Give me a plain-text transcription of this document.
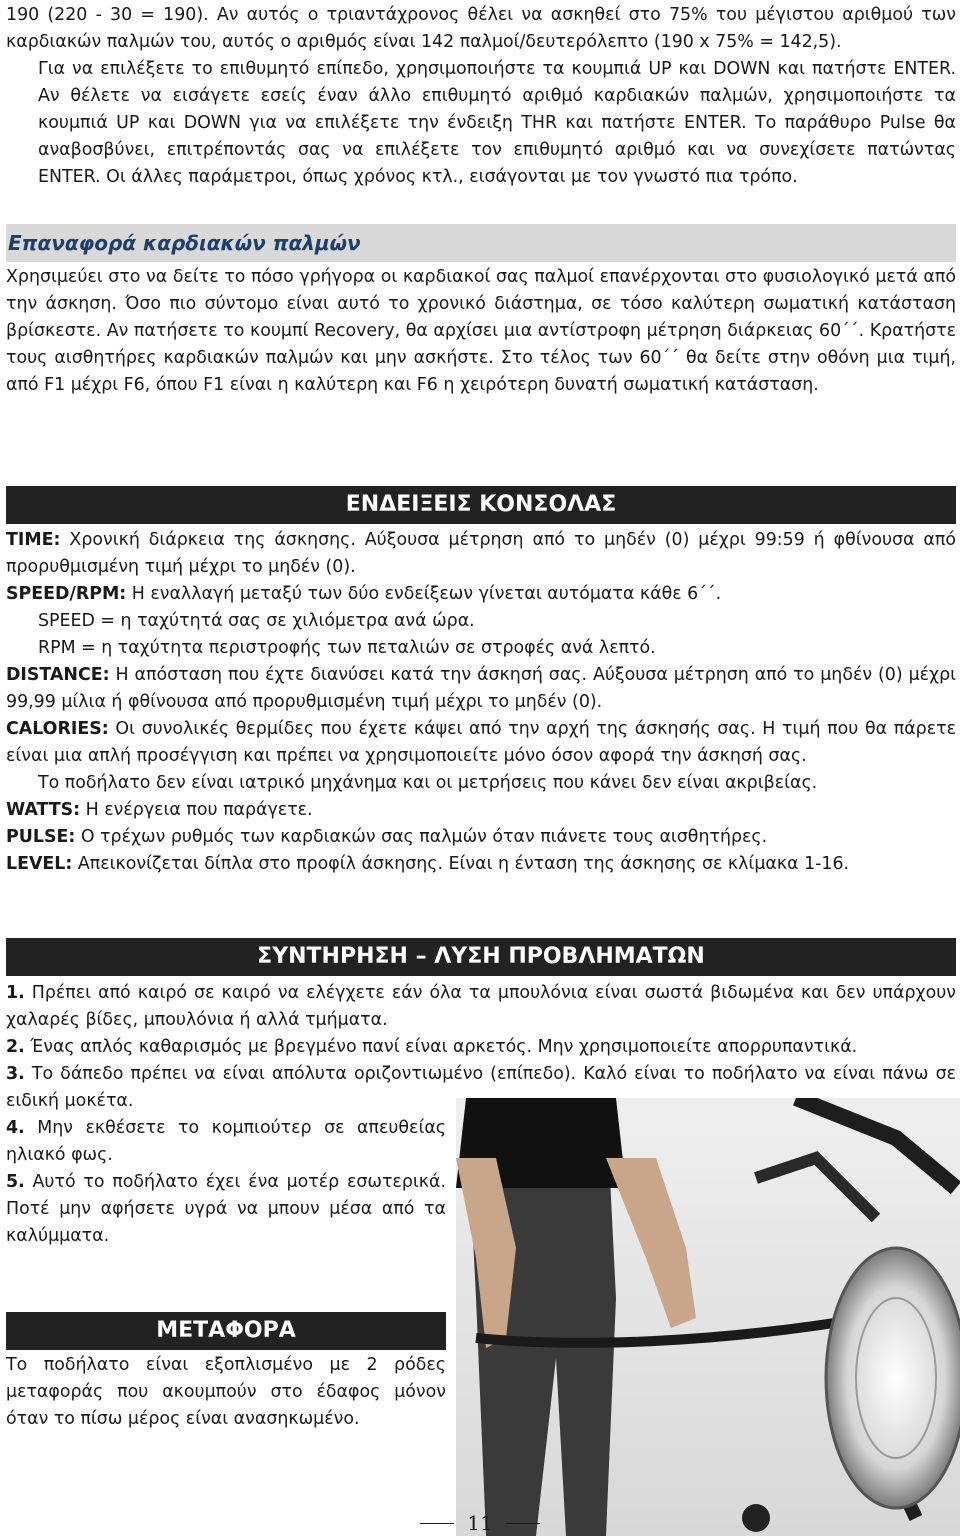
190 (220 - 30 = 190). Αν αυτός ο τριαντάχρονος θέλει να ασκηθεί στο 75% του μέγιστου αριθμού των καρδιακών παλμών του, αυτός ο αριθμός είναι 142 παλμοί/δευτερόλεπτο (190 x 75% = 142,5).
Για να επιλέξετε το επιθυμητό επίπεδο, χρησιμοποιήστε τα κουμπιά UP και DOWN και πατήστε ENTER. Αν θέλετε να εισάγετε εσείς έναν άλλο επιθυμητό αριθμό καρδιακών παλμών, χρησιμοποιήστε τα κουμπιά UP και DOWN για να επιλέξετε την ένδειξη THR και πατήστε ENTER. Το παράθυρο Pulse θα αναβοσβύνει, επιτρέποντάς σας να επιλέξετε τον επιθυμητό αριθμό και να συνεχίσετε πατώντας ENTER. Οι άλλες παράμετροι, όπως χρόνος κτλ., εισάγονται με τον γνωστό πια τρόπο.
Επαναφορά καρδιακών παλμών
Χρησιμεύει στο να δείτε το πόσο γρήγορα οι καρδιακοί σας παλμοί επανέρχονται στο φυσιολογικό μετά από την άσκηση. Όσο πιο σύντομο είναι αυτό το χρονικό διάστημα, σε τόσο καλύτερη σωματική κατάσταση βρίσκεστε. Αν πατήσετε το κουμπί Recovery, θα αρχίσει μια αντίστροφη μέτρηση διάρκειας 60΄΄. Κρατήστε τους αισθητήρες καρδιακών παλμών και μην ασκήστε. Στο τέλος των 60΄΄ θα δείτε στην οθόνη μια τιμή, από F1 μέχρι F6, όπου F1 είναι η καλύτερη και F6 η χειρότερη δυνατή σωματική κατάσταση.
ΕΝΔΕΙΞΕΙΣ ΚΟΝΣΟΛΑΣ
TIME: Χρονική διάρκεια της άσκησης. Αύξουσα μέτρηση από το μηδέν (0) μέχρι 99:59 ή φθίνουσα από προρυθμισμένη τιμή μέχρι το μηδέν (0).
SPEED/RPM: Η εναλλαγή μεταξύ των δύο ενδείξεων γίνεται αυτόματα κάθε 6΄΄.
SPEED = η ταχύτητά σας σε χιλιόμετρα ανά ώρα.
RPM = η ταχύτητα περιστροφής των πεταλιών σε στροφές ανά λεπτό.
DISTANCE: Η απόσταση που έχτε διανύσει κατά την άσκησή σας. Αύξουσα μέτρηση από το μηδέν (0) μέχρι 99,99 μίλια ή φθίνουσα από προρυθμισμένη τιμή μέχρι το μηδέν (0).
CALORIES: Οι συνολικές θερμίδες που έχετε κάψει από την αρχή της άσκησής σας. Η τιμή που θα πάρετε είναι μια απλή προσέγγιση και πρέπει να χρησιμοποιείτε μόνο όσον αφορά την άσκησή σας.
Το ποδήλατο δεν είναι ιατρικό μηχάνημα και οι μετρήσεις που κάνει δεν είναι ακριβείας.
WATTS: Η ενέργεια που παράγετε.
PULSE: Ο τρέχων ρυθμός των καρδιακών σας παλμών όταν πιάνετε τους αισθητήρες.
LEVEL: Απεικονίζεται δίπλα στο προφίλ άσκησης. Είναι η ένταση της άσκησης σε κλίμακα 1-16.
ΣΥΝΤΗΡΗΣΗ – ΛΥΣΗ ΠΡΟΒΛΗΜΑΤΩΝ
1. Πρέπει από καιρό σε καιρό να ελέγχετε εάν όλα τα μπουλόνια είναι σωστά βιδωμένα και δεν υπάρχουν χαλαρές βίδες, μπουλόνια ή αλλά τμήματα.
2. Ένας απλός καθαρισμός με βρεγμένο πανί είναι αρκετός. Μην χρησιμοποιείτε απορρυπαντικά.
3. Το δάπεδο πρέπει να είναι απόλυτα οριζοντιωμένο (επίπεδο). Καλό είναι το ποδήλατο να είναι πάνω σε ειδική μοκέτα.
4. Μην εκθέσετε το κομπιούτερ σε απευθείας ηλιακό φως.
5. Αυτό το ποδήλατο έχει ένα μοτέρ εσωτερικά. Ποτέ μην αφήσετε υγρά να μπουν μέσα από τα καλύμματα.
ΜΕΤΑΦΟΡΑ
Το ποδήλατο είναι εξοπλισμένο με 2 ρόδες μεταφοράς που ακουμπούν στο έδαφος μόνον όταν το πίσω μέρος είναι ανασηκωμένο.
11
